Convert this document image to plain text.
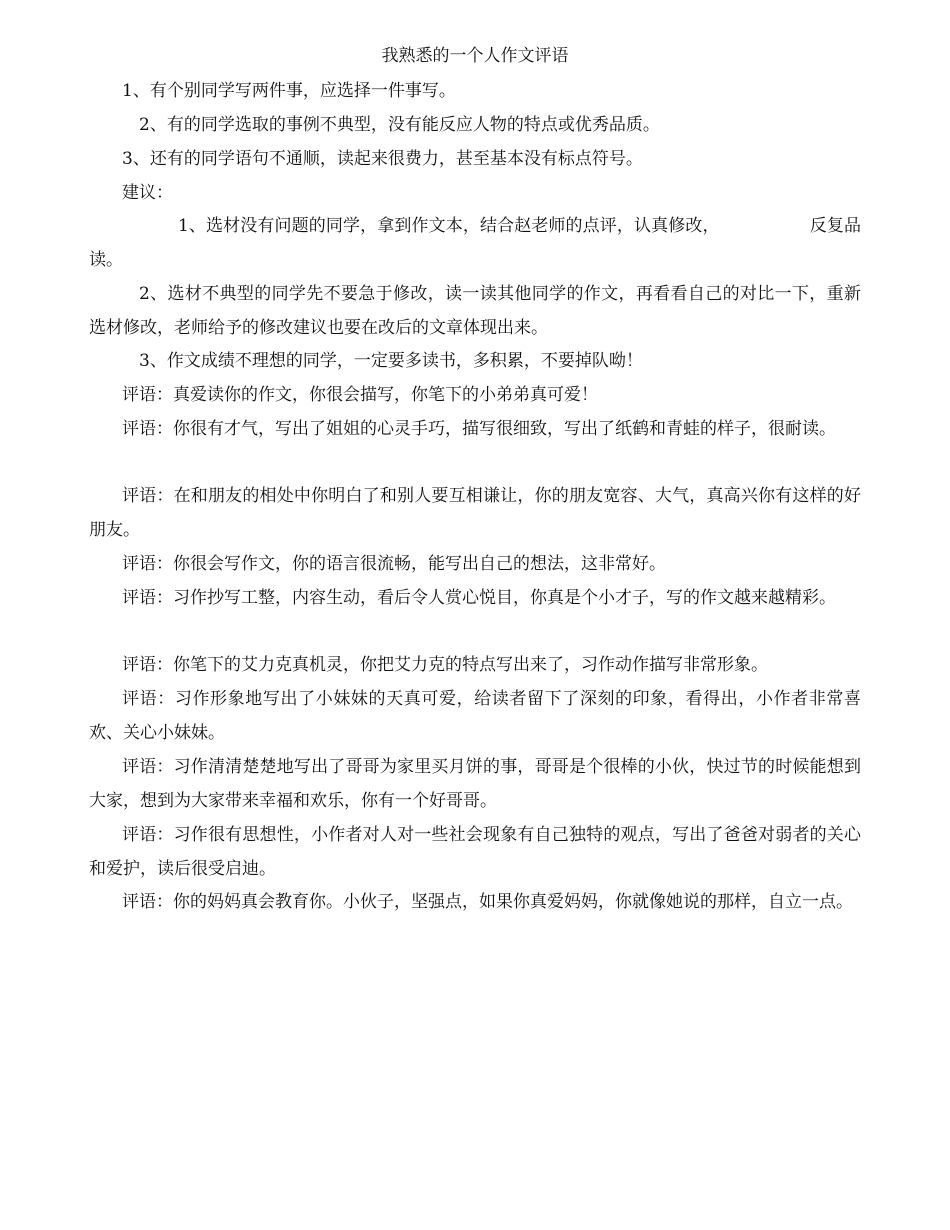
我熟悉的一个人作文评语

1、有个别同学写两件事，应选择一件事写。

2、有的同学选取的事例不典型，没有能反应人物的特点或优秀品质。

3、还有的同学语句不通顺，读起来很费力，甚至基本没有标点符号。

建议：

1、选材没有问题的同学，拿到作文本，结合赵老师的点评，认真修改，	反复品读。

2、选材不典型的同学先不要急于修改，读一读其他同学的作文，再看看自己的对比一下，重新选材修改，老师给予的修改建议也要在改后的文章体现出来。

3、作文成绩不理想的同学，一定要多读书，多积累，不要掉队呦！

评语：真爱读你的作文，你很会描写，你笔下的小弟弟真可爱！

评语：你很有才气，写出了姐姐的心灵手巧，描写很细致，写出了纸鹤和青蛙的样子，很耐读。

评语：在和朋友的相处中你明白了和别人要互相谦让，你的朋友宽容、大气，真高兴你有这样的好朋友。

评语：你很会写作文，你的语言很流畅，能写出自己的想法，这非常好。

评语：习作抄写工整，内容生动，看后令人赏心悦目，你真是个小才子，写的作文越来越精彩。

评语：你笔下的艾力克真机灵，你把艾力克的特点写出来了，习作动作描写非常形象。

评语：习作形象地写出了小妹妹的天真可爱，给读者留下了深刻的印象，看得出，小作者非常喜欢、关心小妹妹。

评语：习作清清楚楚地写出了哥哥为家里买月饼的事，哥哥是个很棒的小伙，快过节的时候能想到大家，想到为大家带来幸福和欢乐，你有一个好哥哥。

评语：习作很有思想性，小作者对人对一些社会现象有自己独特的观点，写出了爸爸对弱者的关心和爱护，读后很受启迪。

评语：你的妈妈真会教育你。小伙子，坚强点，如果你真爱妈妈，你就像她说的那样，自立一点。
